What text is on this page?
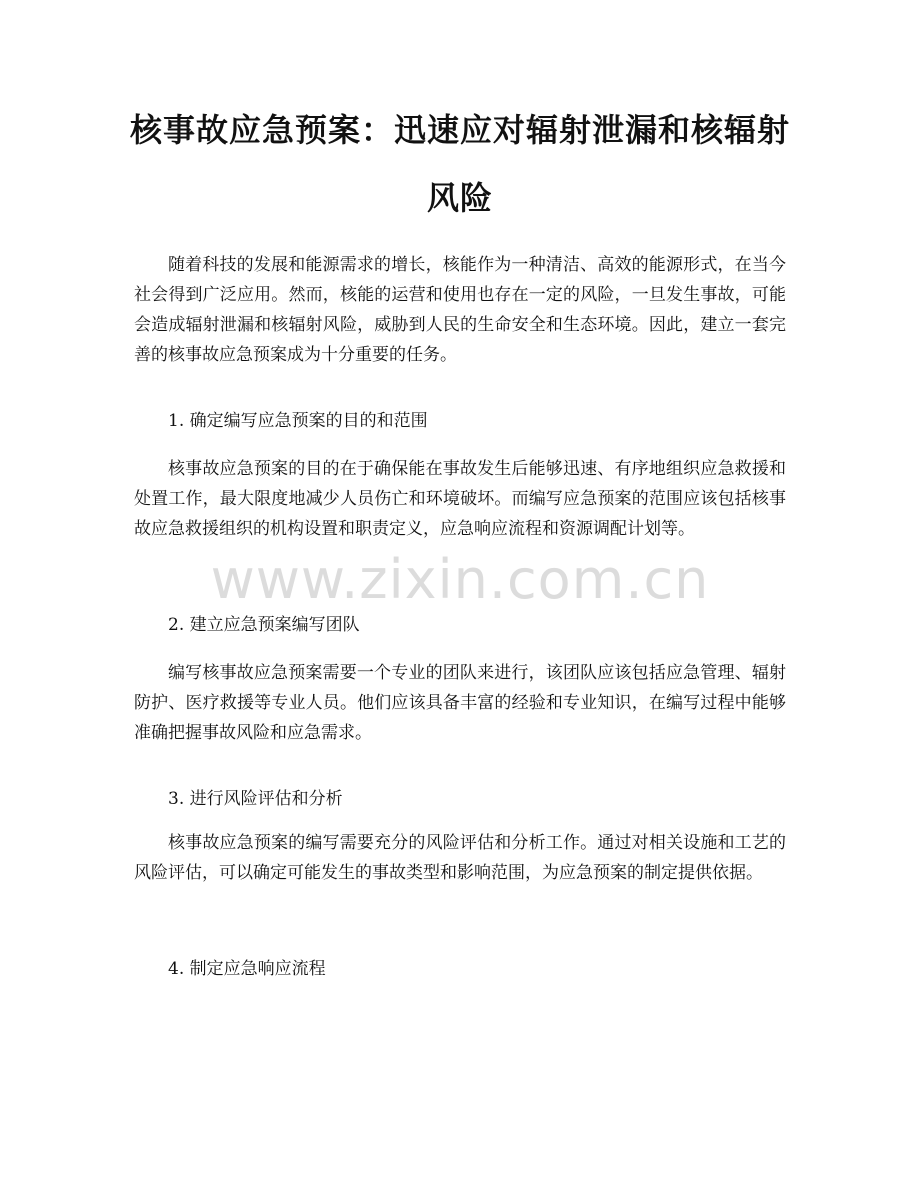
核事故应急预案：迅速应对辐射泄漏和核辐射风险
随着科技的发展和能源需求的增长，核能作为一种清洁、高效的能源形式，在当今社会得到广泛应用。然而，核能的运营和使用也存在一定的风险，一旦发生事故，可能会造成辐射泄漏和核辐射风险，威胁到人民的生命安全和生态环境。因此，建立一套完善的核事故应急预案成为十分重要的任务。
1. 确定编写应急预案的目的和范围
核事故应急预案的目的在于确保能在事故发生后能够迅速、有序地组织应急救援和处置工作，最大限度地减少人员伤亡和环境破坏。而编写应急预案的范围应该包括核事故应急救援组织的机构设置和职责定义，应急响应流程和资源调配计划等。
2. 建立应急预案编写团队
编写核事故应急预案需要一个专业的团队来进行，该团队应该包括应急管理、辐射防护、医疗救援等专业人员。他们应该具备丰富的经验和专业知识，在编写过程中能够准确把握事故风险和应急需求。
3. 进行风险评估和分析
核事故应急预案的编写需要充分的风险评估和分析工作。通过对相关设施和工艺的风险评估，可以确定可能发生的事故类型和影响范围，为应急预案的制定提供依据。
4. 制定应急响应流程
www.zixin.com.cn
